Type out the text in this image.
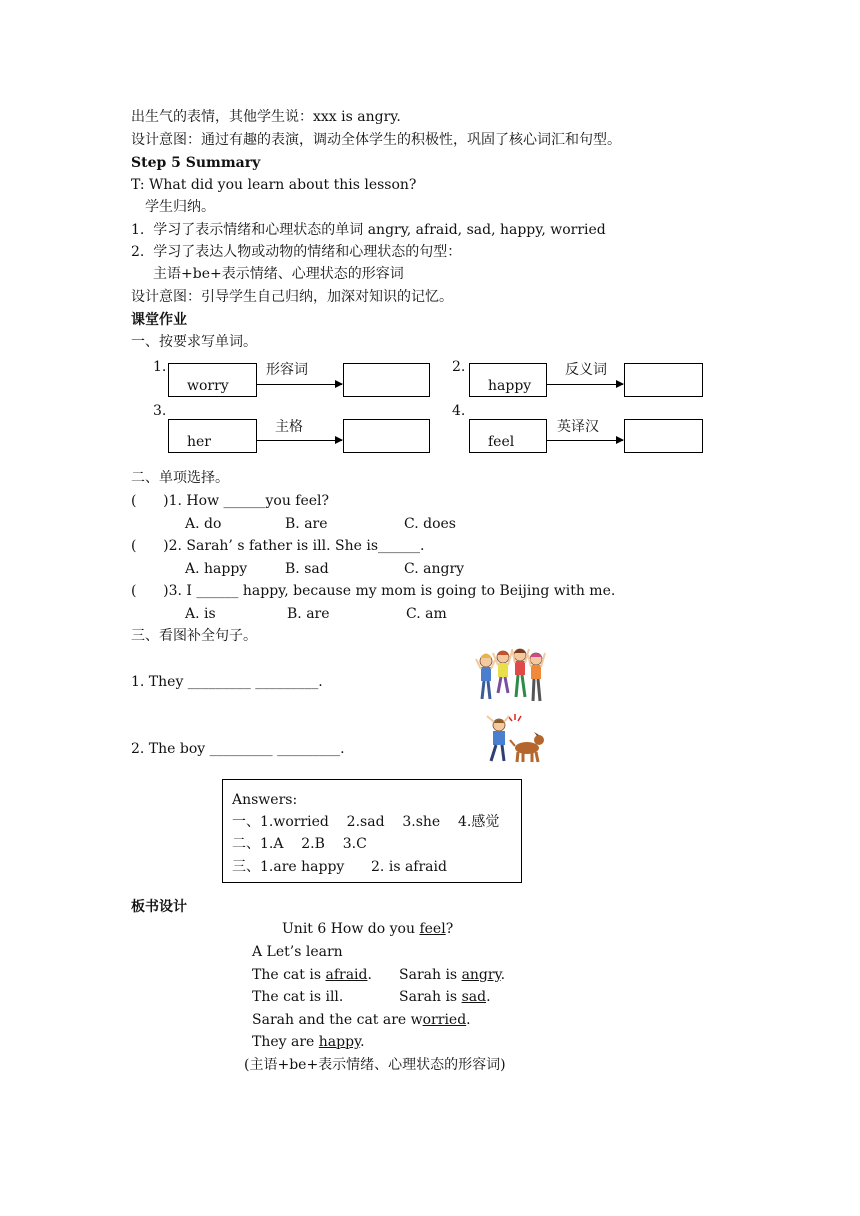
出生气的表情，其他学生说：xxx is angry.
设计意图：通过有趣的表演，调动全体学生的积极性，巩固了核心词汇和句型。
Step 5 Summary
T: What did you learn about this lesson?
学生归纳。
1.  学习了表示情绪和心理状态的单词 angry, afraid, sad, happy, worried
2.  学习了表达人物或动物的情绪和心理状态的句型：
主语+be+表示情绪、心理状态的形容词
设计意图：引导学生自己归纳，加深对知识的记忆。
课堂作业
一、按要求写单词。
1.
worry
形容词	2.
happy
反义词
3.
her
主格
4.
feel
英译汉
二、单项选择。
(      )1. How ______you feel?
A. do	B. are	C. does
(      )2. Sarah’ s father is ill. She is______.
A. happy	B. sad	C. angry
(      )3. I ______ happy, because my mom is going to Beijing with me.
A. is	B. are	C. am
三、看图补全句子。
1. They _________ _________.
2. The boy _________ _________.
Answers:
一、1.worried    2.sad    3.she    4.感觉
二、1.A    2.B    3.C
三、1.are happy      2. is afraid
板书设计
Unit 6 How do you feel?
A Let’s learn
The cat is afraid. Sarah is angry.
The cat is ill.	Sarah is sad.
Sarah and the cat are worried.
They are happy.
(主语+be+表示情绪、心理状态的形容词)
